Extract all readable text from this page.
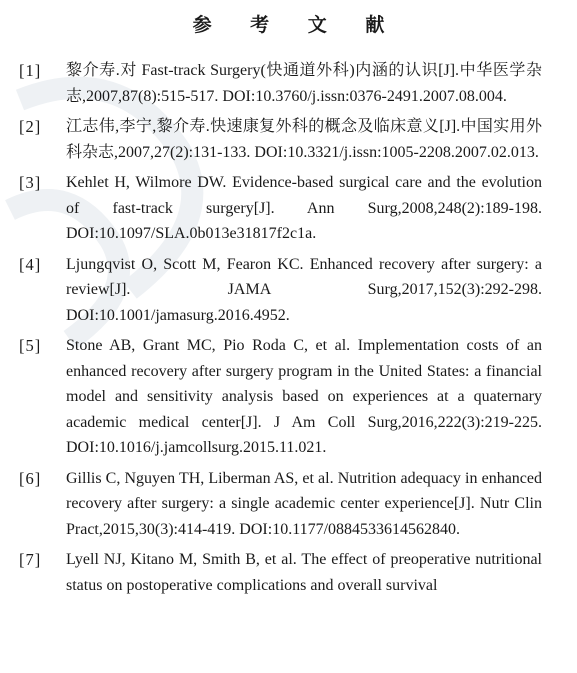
参 考 文 献
[1] 黎介寿.对 Fast-track Surgery(快通道外科)内涵的认识[J].中华医学杂志,2007,87(8):515-517. DOI:10.3760/j.issn:0376-2491.2007.08.004.
[2] 江志伟,李宁,黎介寿.快速康复外科的概念及临床意义[J].中国实用外科杂志,2007,27(2):131-133. DOI:10.3321/j.issn:1005-2208.2007.02.013.
[3] Kehlet H, Wilmore DW. Evidence-based surgical care and the evolution of fast-track surgery[J]. Ann Surg,2008,248(2):189-198. DOI:10.1097/SLA.0b013e31817f2c1a.
[4] Ljungqvist O, Scott M, Fearon KC. Enhanced recovery after surgery: a review[J]. JAMA Surg,2017,152(3):292-298. DOI:10.1001/jamasurg.2016.4952.
[5] Stone AB, Grant MC, Pio Roda C, et al. Implementation costs of an enhanced recovery after surgery program in the United States: a financial model and sensitivity analysis based on experiences at a quaternary academic medical center[J]. J Am Coll Surg,2016,222(3):219-225. DOI:10.1016/j.jamcollsurg.2015.11.021.
[6] Gillis C, Nguyen TH, Liberman AS, et al. Nutrition adequacy in enhanced recovery after surgery: a single academic center experience[J]. Nutr Clin Pract,2015,30(3):414-419. DOI:10.1177/0884533614562840.
[7] Lyell NJ, Kitano M, Smith B, et al. The effect of preoperative nutritional status on postoperative complications and overall survival
